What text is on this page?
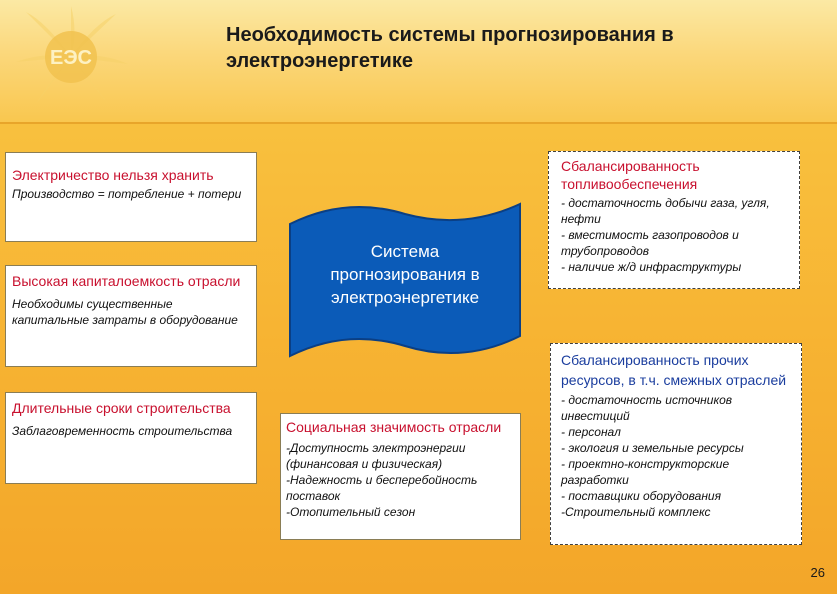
ЕЭС
Необходимость системы прогнозирования в
электроэнергетике
Электричество нельзя хранить
Производство = потребление + потери
Высокая капиталоемкость отрасли
Необходимы существенные капитальные затраты в оборудование
Длительные сроки строительства
Заблаговременность строительства
Система
прогнозирования в
электроэнергетике
Социальная значимость отрасли
-Доступность электроэнергии (финансовая и физическая)
-Надежность и бесперебойность поставок
-Отопительный сезон
Сбалансированность топливообеспечения
- достаточность добычи газа, угля, нефти
- вместимость газопроводов и трубопроводов
- наличие ж/д инфраструктуры
Сбалансированность прочих ресурсов, в т.ч. смежных отраслей
- достаточность источников инвестиций
- персонал
- экология и земельные ресурсы
- проектно-конструкторские разработки
- поставщики оборудования
-Строительный комплекс
26
